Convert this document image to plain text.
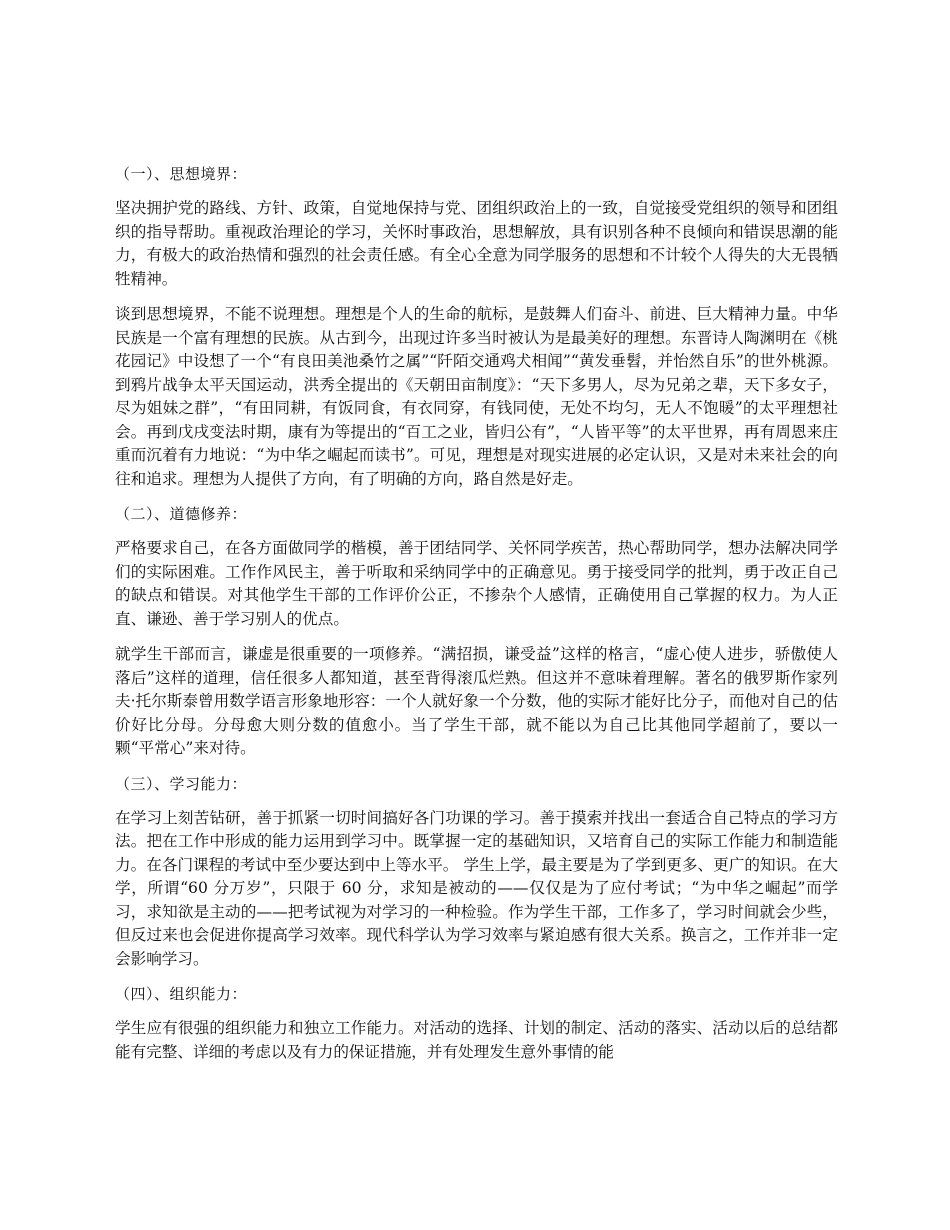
（一）、思想境界：

坚决拥护党的路线、方针、政策，自觉地保持与党、团组织政治上的一致，自觉接受党组织的领导和团组织的指导帮助。重视政治理论的学习，关怀时事政治，思想解放，具有识别各种不良倾向和错误思潮的能力，有极大的政治热情和强烈的社会责任感。有全心全意为同学服务的思想和不计较个人得失的大无畏牺牲精神。

谈到思想境界，不能不说理想。理想是个人的生命的航标，是鼓舞人们奋斗、前进、巨大精神力量。中华民族是一个富有理想的民族。从古到今，出现过许多当时被认为是最美好的理想。东晋诗人陶渊明在《桃花园记》中设想了一个“有良田美池桑竹之属”“阡陌交通鸡犬相闻”“黄发垂髫，并怡然自乐”的世外桃源。到鸦片战争太平天国运动，洪秀全提出的《天朝田亩制度》：“天下多男人，尽为兄弟之辈，天下多女子，尽为姐妹之群”，“有田同耕，有饭同食，有衣同穿，有钱同使，无处不均匀，无人不饱暖”的太平理想社会。再到戊戌变法时期，康有为等提出的“百工之业，皆归公有”，“人皆平等”的太平世界，再有周恩来庄重而沉着有力地说：“为中华之崛起而读书”。可见，理想是对现实进展的必定认识，又是对未来社会的向往和追求。理想为人提供了方向，有了明确的方向，路自然是好走。

（二）、道德修养：

严格要求自己，在各方面做同学的楷模，善于团结同学、关怀同学疾苦，热心帮助同学，想办法解决同学们的实际困难。工作作风民主，善于听取和采纳同学中的正确意见。勇于接受同学的批判，勇于改正自己的缺点和错误。对其他学生干部的工作评价公正，不掺杂个人感情，正确使用自己掌握的权力。为人正直、谦逊、善于学习别人的优点。

就学生干部而言，谦虚是很重要的一项修养。“满招损，谦受益”这样的格言，“虚心使人进步，骄傲使人落后”这样的道理，信任很多人都知道，甚至背得滚瓜烂熟。但这并不意味着理解。著名的俄罗斯作家列夫·托尔斯泰曾用数学语言形象地形容：一个人就好象一个分数，他的实际才能好比分子，而他对自己的估价好比分母。分母愈大则分数的值愈小。当了学生干部，就不能以为自己比其他同学超前了，要以一颗“平常心”来对待。

（三）、学习能力：

在学习上刻苦钻研，善于抓紧一切时间搞好各门功课的学习。善于摸索并找出一套适合自己特点的学习方法。把在工作中形成的能力运用到学习中。既掌握一定的基础知识，又培育自己的实际工作能力和制造能力。在各门课程的考试中至少要达到中上等水平。 学生上学，最主要是为了学到更多、更广的知识。在大学，所谓“60 分万岁”，只限于 60 分，求知是被动的——仅仅是为了应付考试；“为中华之崛起”而学习，求知欲是主动的——把考试视为对学习的一种检验。作为学生干部，工作多了，学习时间就会少些，但反过来也会促进你提高学习效率。现代科学认为学习效率与紧迫感有很大关系。换言之，工作并非一定会影响学习。

（四）、组织能力：

学生应有很强的组织能力和独立工作能力。对活动的选择、计划的制定、活动的落实、活动以后的总结都能有完整、详细的考虑以及有力的保证措施，并有处理发生意外事情的能
